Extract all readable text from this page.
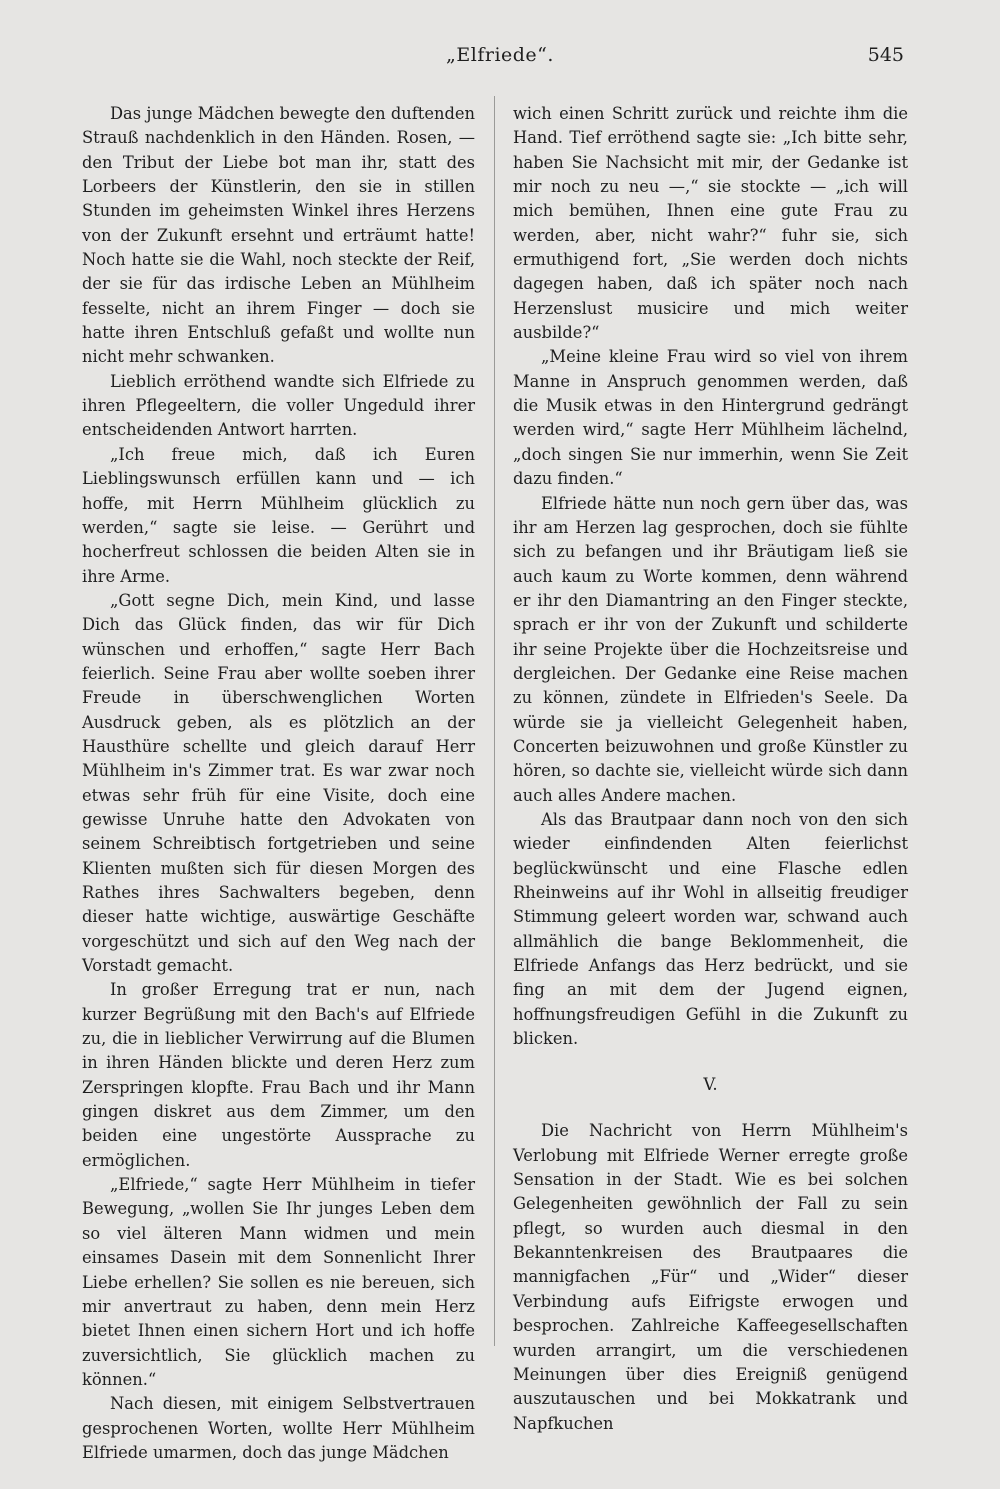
„Elfriede“.	545

Das junge Mädchen bewegte den duftenden Strauß nachdenklich in den Händen. Rosen, — den Tribut der Liebe bot man ihr, statt des Lorbeers der Künstlerin, den sie in stillen Stunden im geheimsten Winkel ihres Herzens von der Zukunft ersehnt und erträumt hatte! Noch hatte sie die Wahl, noch steckte der Reif, der sie für das irdische Leben an Mühlheim fesselte, nicht an ihrem Finger — doch sie hatte ihren Entschluß gefaßt und wollte nun nicht mehr schwanken.

Lieblich erröthend wandte sich Elfriede zu ihren Pflegeeltern, die voller Ungeduld ihrer entscheidenden Antwort harrten.

„Ich freue mich, daß ich Euren Lieblingswunsch erfüllen kann und — ich hoffe, mit Herrn Mühlheim glücklich zu werden,“ sagte sie leise. — Gerührt und hocherfreut schlossen die beiden Alten sie in ihre Arme.

„Gott segne Dich, mein Kind, und lasse Dich das Glück finden, das wir für Dich wünschen und erhoffen,“ sagte Herr Bach feierlich. Seine Frau aber wollte soeben ihrer Freude in überschwenglichen Worten Ausdruck geben, als es plötzlich an der Hausthüre schellte und gleich darauf Herr Mühlheim in's Zimmer trat. Es war zwar noch etwas sehr früh für eine Visite, doch eine gewisse Unruhe hatte den Advokaten von seinem Schreibtisch fortgetrieben und seine Klienten mußten sich für diesen Morgen des Rathes ihres Sachwalters begeben, denn dieser hatte wichtige, auswärtige Geschäfte vorgeschützt und sich auf den Weg nach der Vorstadt gemacht.

In großer Erregung trat er nun, nach kurzer Begrüßung mit den Bach's auf Elfriede zu, die in lieblicher Verwirrung auf die Blumen in ihren Händen blickte und deren Herz zum Zerspringen klopfte. Frau Bach und ihr Mann gingen diskret aus dem Zimmer, um den beiden eine ungestörte Aussprache zu ermöglichen.

„Elfriede,“ sagte Herr Mühlheim in tiefer Bewegung, „wollen Sie Ihr junges Leben dem so viel älteren Mann widmen und mein einsames Dasein mit dem Sonnenlicht Ihrer Liebe erhellen? Sie sollen es nie bereuen, sich mir anvertraut zu haben, denn mein Herz bietet Ihnen einen sichern Hort und ich hoffe zuversichtlich, Sie glücklich machen zu können.“

Nach diesen, mit einigem Selbstvertrauen gesprochenen Worten, wollte Herr Mühlheim Elfriede umarmen, doch das junge Mädchen

wich einen Schritt zurück und reichte ihm die Hand. Tief erröthend sagte sie: „Ich bitte sehr, haben Sie Nachsicht mit mir, der Gedanke ist mir noch zu neu —,“ sie stockte — „ich will mich bemühen, Ihnen eine gute Frau zu werden, aber, nicht wahr?“ fuhr sie, sich ermuthigend fort, „Sie werden doch nichts dagegen haben, daß ich später noch nach Herzenslust musicire und mich weiter ausbilde?“

„Meine kleine Frau wird so viel von ihrem Manne in Anspruch genommen werden, daß die Musik etwas in den Hintergrund gedrängt werden wird,“ sagte Herr Mühlheim lächelnd, „doch singen Sie nur immerhin, wenn Sie Zeit dazu finden.“

Elfriede hätte nun noch gern über das, was ihr am Herzen lag gesprochen, doch sie fühlte sich zu befangen und ihr Bräutigam ließ sie auch kaum zu Worte kommen, denn während er ihr den Diamantring an den Finger steckte, sprach er ihr von der Zukunft und schilderte ihr seine Projekte über die Hochzeitsreise und dergleichen. Der Gedanke eine Reise machen zu können, zündete in Elfrieden's Seele. Da würde sie ja vielleicht Gelegenheit haben, Concerten beizuwohnen und große Künstler zu hören, so dachte sie, vielleicht würde sich dann auch alles Andere machen.

Als das Brautpaar dann noch von den sich wieder einfindenden Alten feierlichst beglückwünscht und eine Flasche edlen Rheinweins auf ihr Wohl in allseitig freudiger Stimmung geleert worden war, schwand auch allmählich die bange Beklommenheit, die Elfriede Anfangs das Herz bedrückt, und sie fing an mit dem der Jugend eignen, hoffnungsfreudigen Gefühl in die Zukunft zu blicken.

V.

Die Nachricht von Herrn Mühlheim's Verlobung mit Elfriede Werner erregte große Sensation in der Stadt. Wie es bei solchen Gelegenheiten gewöhnlich der Fall zu sein pflegt, so wurden auch diesmal in den Bekanntenkreisen des Brautpaares die mannigfachen „Für“ und „Wider“ dieser Verbindung aufs Eifrigste erwogen und besprochen. Zahlreiche Kaffeegesellschaften wurden arrangirt, um die verschiedenen Meinungen über dies Ereigniß genügend auszutauschen und bei Mokkatrank und Napfkuchen
